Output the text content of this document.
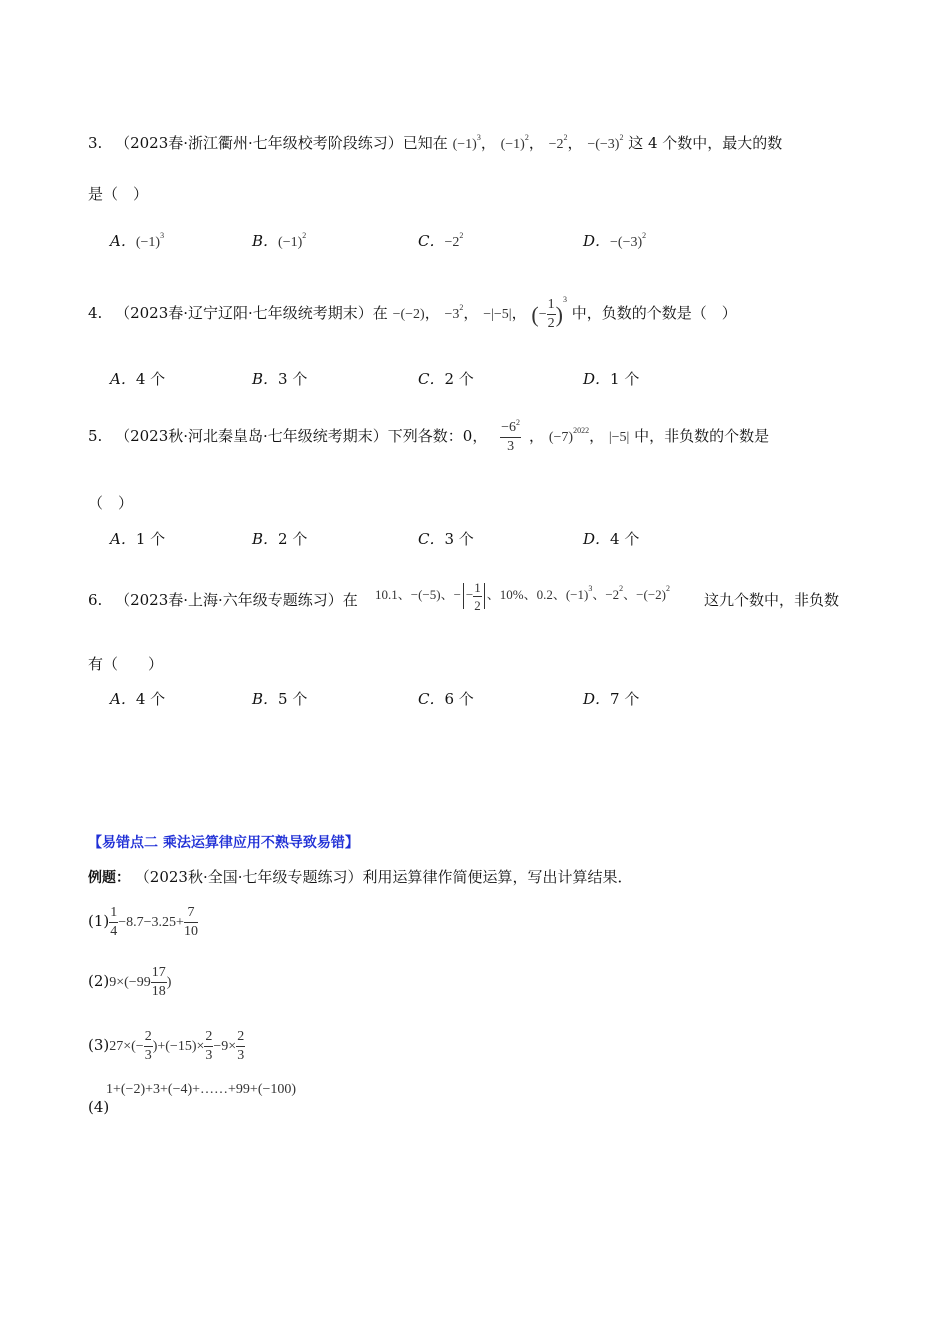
3. （2023春·浙江衢州·七年级校考阶段练习）已知在 $(-1)^3$， $(-1)^2$， $-2^2$， $-(-3)^2$ 这 4 个数中，最大的数
是（　）
A．$(-1)^3$	B．$(-1)^2$	C．$-2^2$	D．$-(-3)^2$
4. （2023春·辽宁辽阳·七年级统考期末）在 −(−2)， $-3^2$， −|−5|， (− $\frac{1}{2} )^3$ 中，负数的个数是（　）
A．4 个	B．3 个	C．2 个	D．1 个
5. （2023秋·河北秦皇岛·七年级统考期末）下列各数：0， $\frac{-6^2}{3}$ ， $(-7)^{2022}$， |−5| 中，非负数的个数是
（　）
A．1 个	B．2 个	C．3 个	D．4 个
6. （2023春·上海·六年级专题练习）在 10.1、−(−5)、− − $\frac{1}{2}$ 、10%、0.2、$(-1)^3$、$-2^2$、$-(-2)^2$
这九个数中，非负数
有（　　）
A．4 个	B．5 个	C．6 个	D．7 个
【易错点二 乘法运算律应用不熟导致易错】
例题： （2023秋·全国·七年级专题练习）利用运算律作简便运算，写出计算结果．
$(1) \frac{1}{4} -8.7-3.25+ \frac{7}{10}$
$(2)9\times(-99 \frac{17}{18}$ )
$(3)27\times(- \frac{2}{3} )+(-15)\times \frac{2}{3} -9\times \frac{2}{3}$
1+(−2)+3+(−4)+……+99+(−100)
(4)
